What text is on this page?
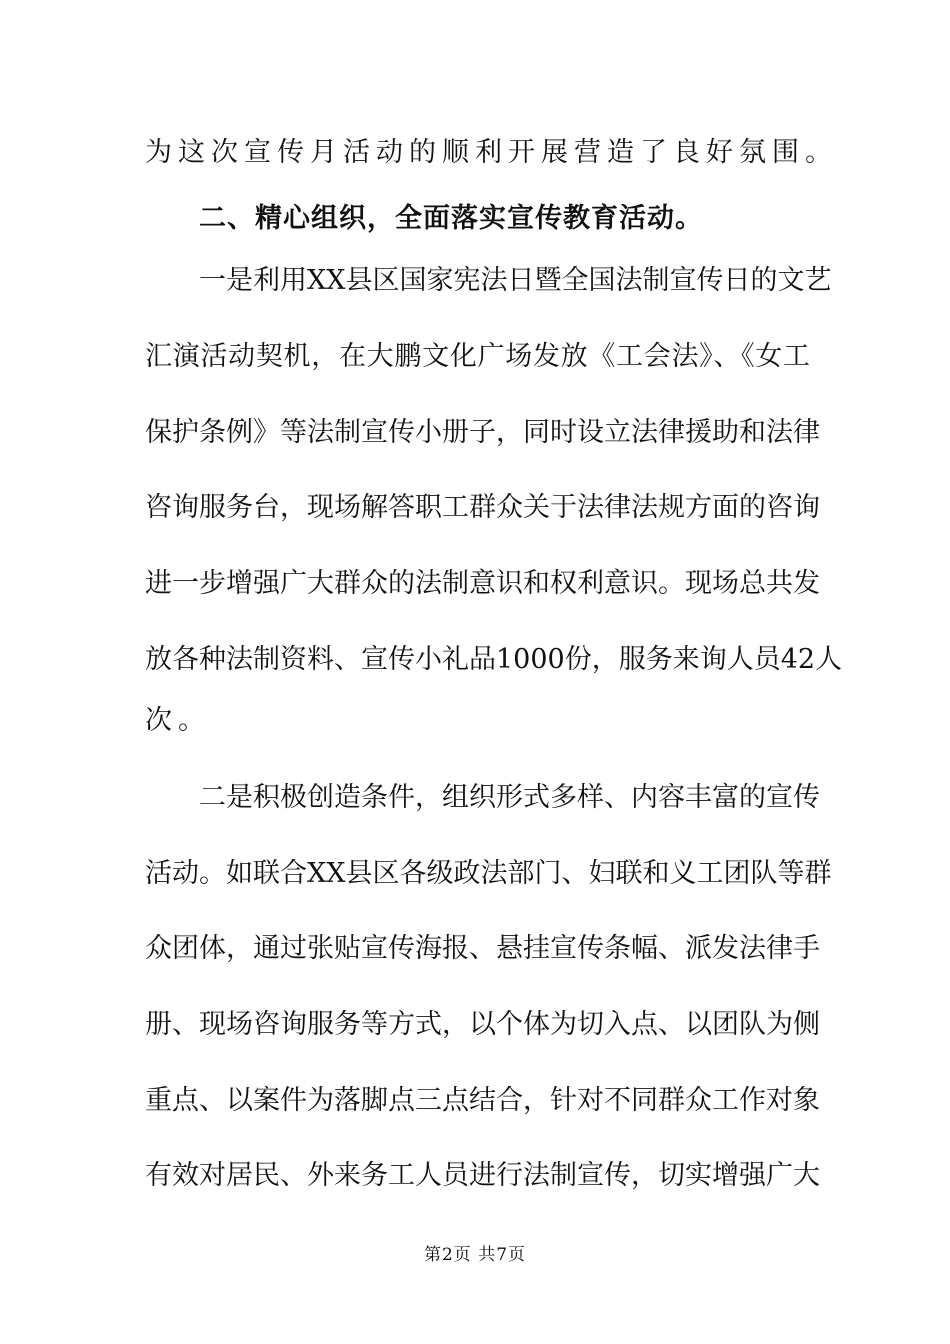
为这次宣传月活动的顺利开展营造了良好氛围。
二、精心组织，全面落实宣传教育活动。
一是利用XX县区国家宪法日暨全国法制宣传日的文艺
汇演活动契机，在大鹏文化广场发放《工会法》、《女工
保护条例》等法制宣传小册子，同时设立法律援助和法律
咨询服务台，现场解答职工群众关于法律法规方面的咨询
进一步增强广大群众的法制意识和权利意识。现场总共发
放各种法制资料、宣传小礼品1000份，服务来询人员42人
次。
二是积极创造条件，组织形式多样、内容丰富的宣传
活动。如联合XX县区各级政法部门、妇联和义工团队等群
众团体，通过张贴宣传海报、悬挂宣传条幅、派发法律手
册、现场咨询服务等方式，以个体为切入点、以团队为侧
重点、以案件为落脚点三点结合，针对不同群众工作对象
有效对居民、外来务工人员进行法制宣传，切实增强广大
第2页 共7页
